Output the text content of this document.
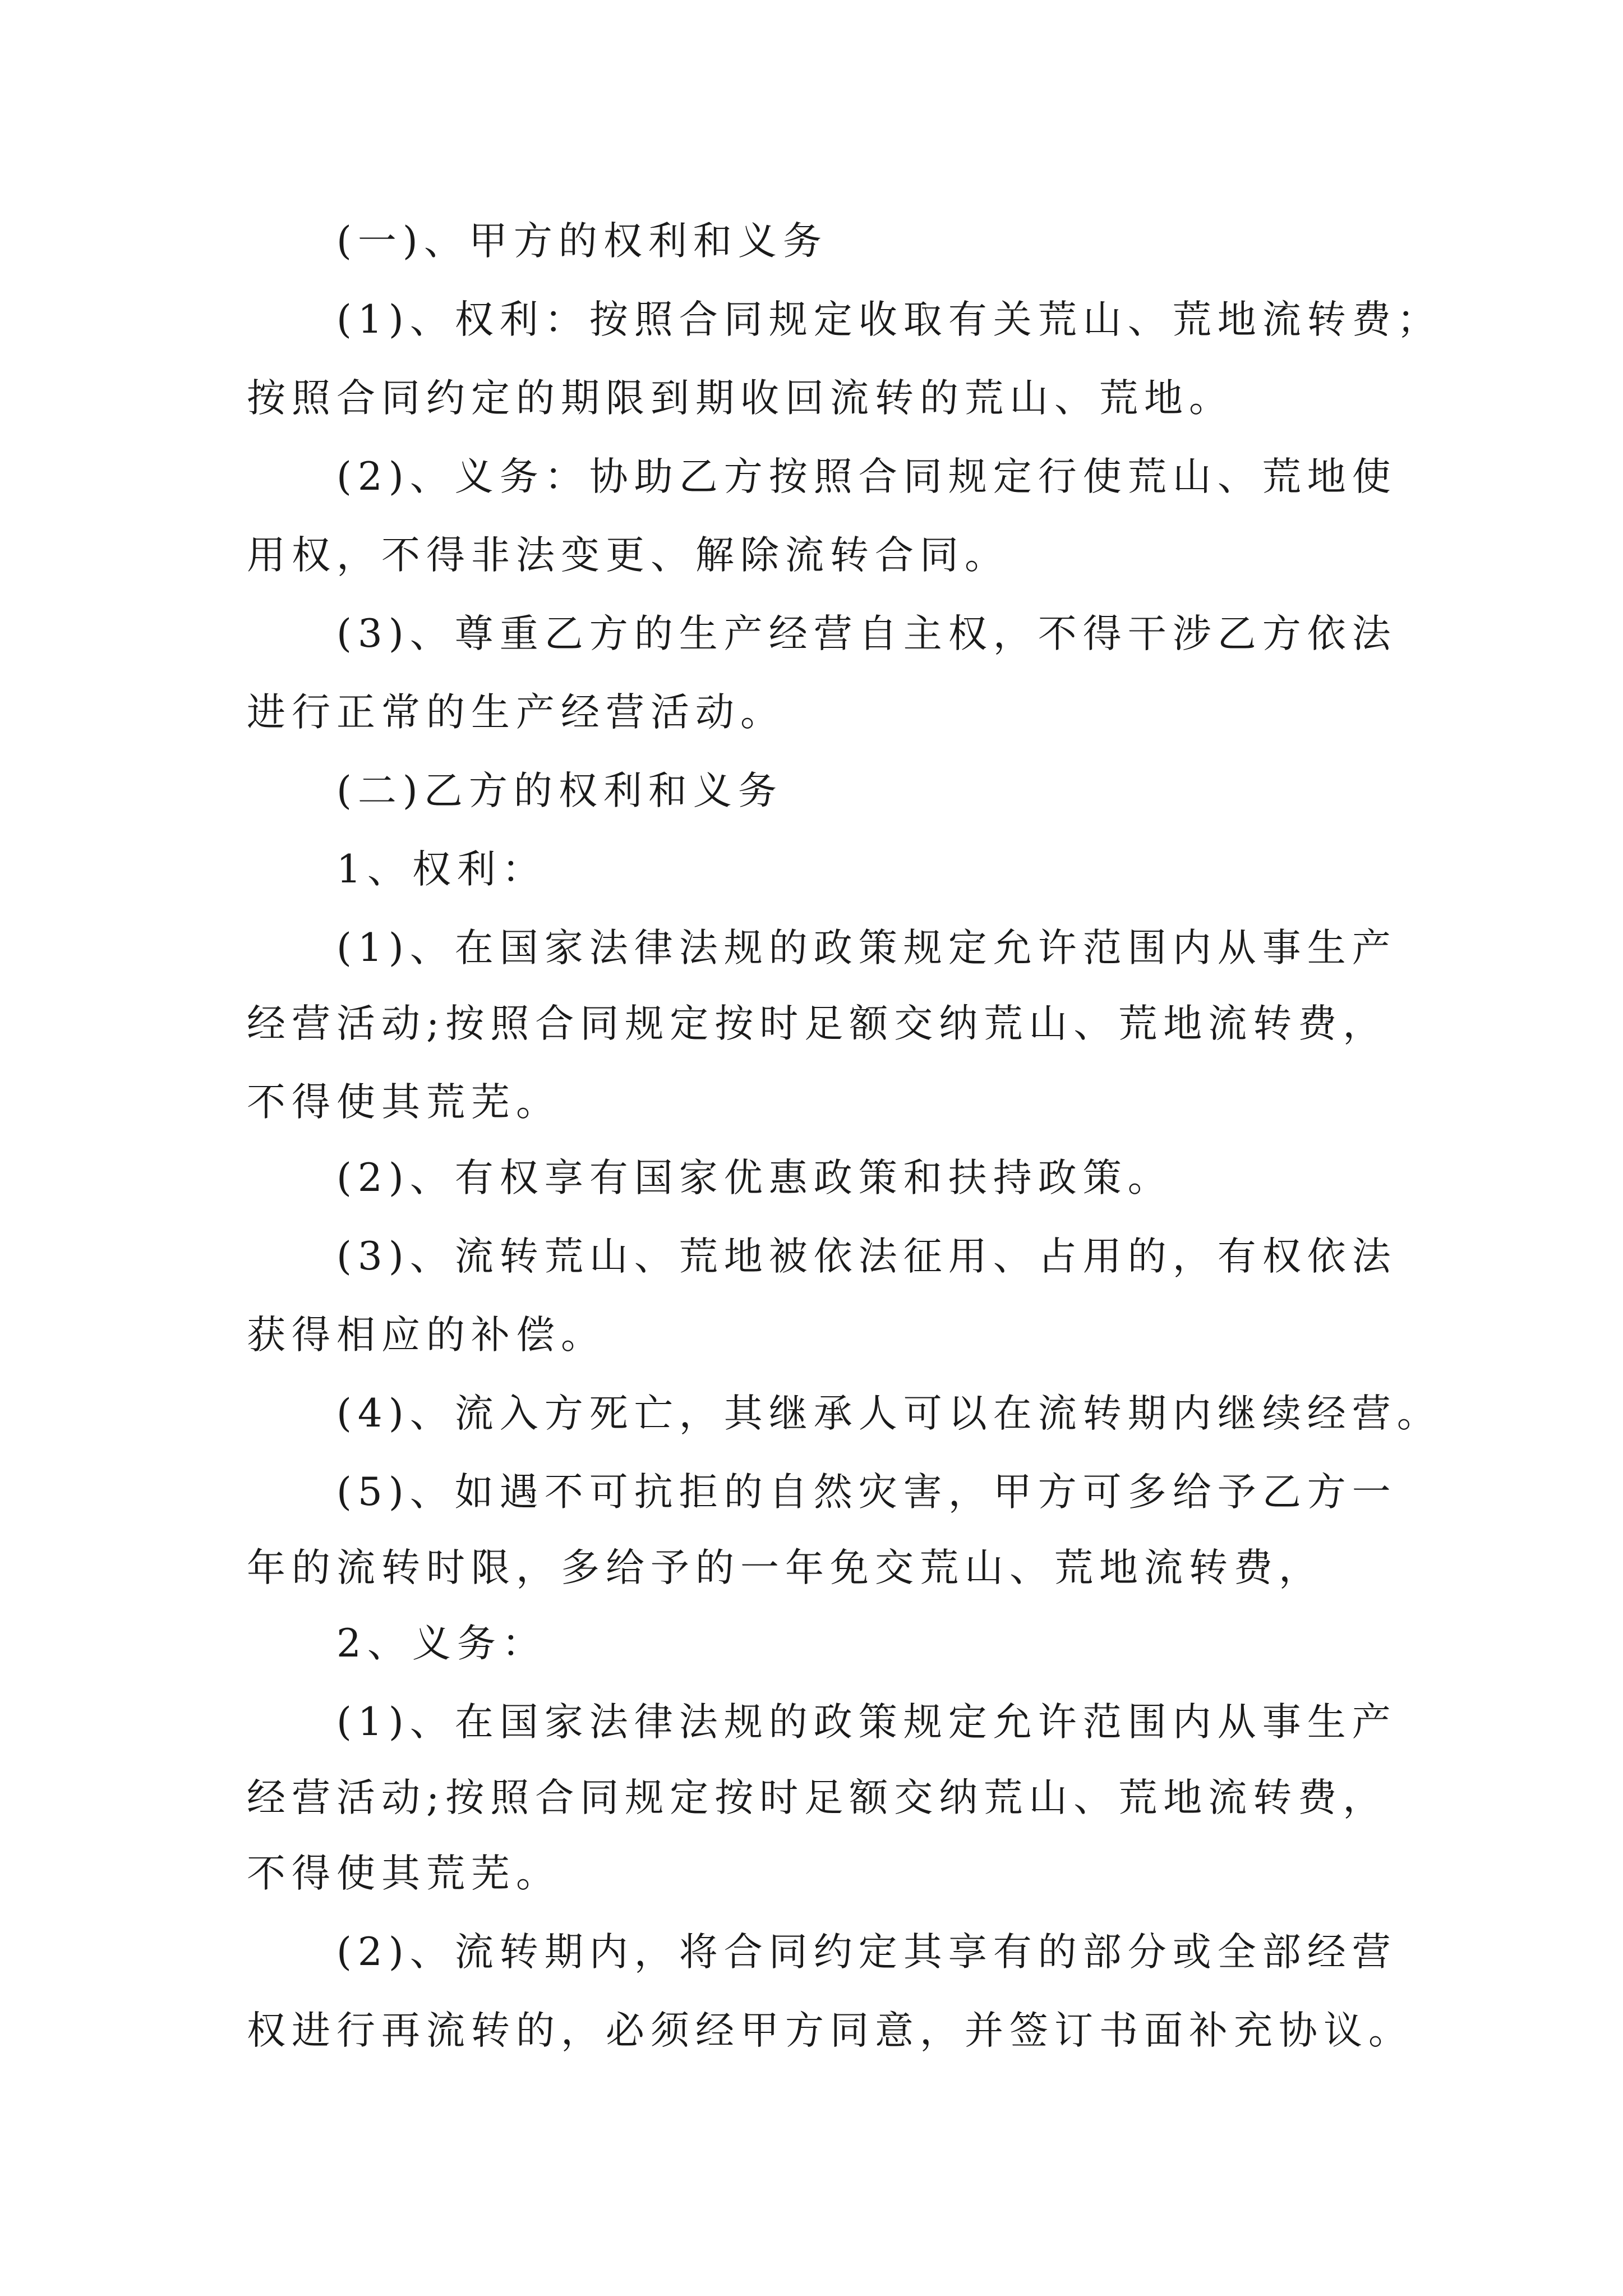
(一)、甲方的权利和义务
(1)、权利：按照合同规定收取有关荒山、荒地流转费；
按照合同约定的期限到期收回流转的荒山、荒地。
(2)、义务：协助乙方按照合同规定行使荒山、荒地使
用权，不得非法变更、解除流转合同。
(3)、尊重乙方的生产经营自主权，不得干涉乙方依法
进行正常的生产经营活动。
(二)乙方的权利和义务
1、权利：
(1)、在国家法律法规的政策规定允许范围内从事生产
经营活动;按照合同规定按时足额交纳荒山、荒地流转费，
不得使其荒芜。
(2)、有权享有国家优惠政策和扶持政策。
(3)、流转荒山、荒地被依法征用、占用的，有权依法
获得相应的补偿。
(4)、流入方死亡，其继承人可以在流转期内继续经营。
(5)、如遇不可抗拒的自然灾害，甲方可多给予乙方一
年的流转时限，多给予的一年免交荒山、荒地流转费，
2、义务：
(1)、在国家法律法规的政策规定允许范围内从事生产
经营活动;按照合同规定按时足额交纳荒山、荒地流转费，
不得使其荒芜。
(2)、流转期内，将合同约定其享有的部分或全部经营
权进行再流转的，必须经甲方同意，并签订书面补充协议。
